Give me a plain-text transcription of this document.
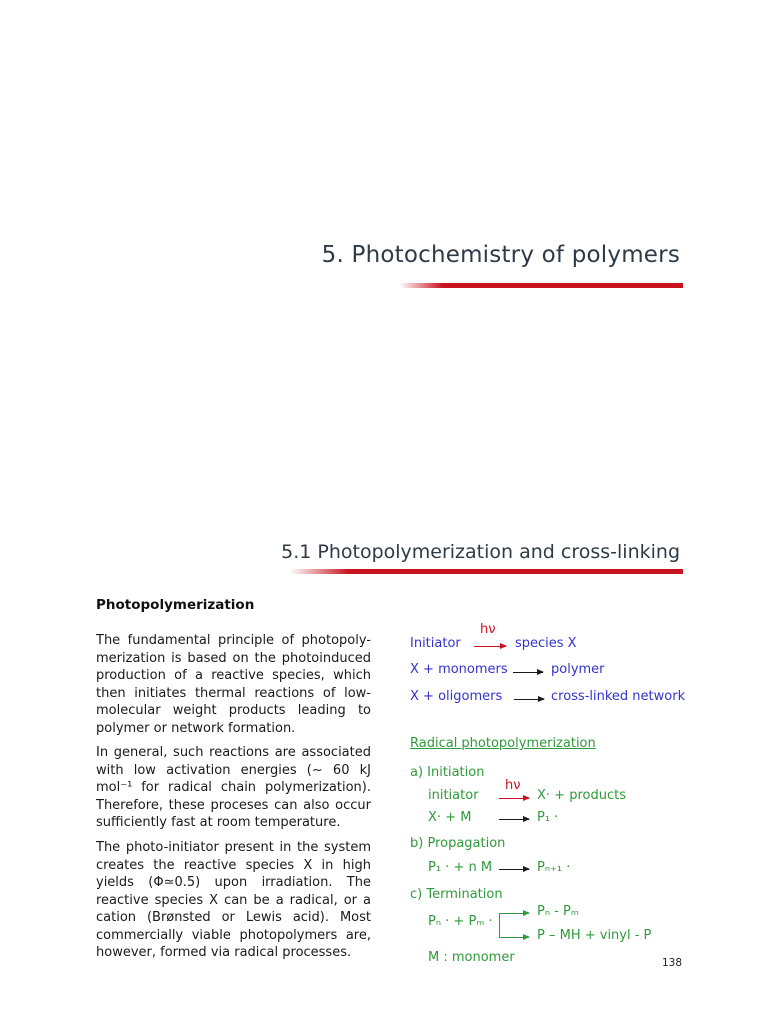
5. Photochemistry of polymers
5.1 Photopolymerization and cross-linking
Photopolymerization

The fundamental principle of photopoly-merization is based on the photoinduced production of a reactive species, which then initiates thermal reactions of low-molecular weight products leading to polymer or network formation.

In general, such reactions are associated with low activation energies (~ 60 kJ mol⁻¹ for radical chain polymerization). Therefore, these proceses can also occur sufficiently fast at room temperature.

The photo-initiator present in the system creates the reactive species X in high yields (Φ≃0.5) upon irradiation. The reactive species X can be a radical, or a cation (Brønsted or Lewis acid). Most commercially viable photopolymers are, however, formed via radical processes.

hν
Initiator	species X
X + monomers	polymer
X + oligomers	cross-linked network
Radical photopolymerization
a) Initiation
hν
initiator	X· + products
X· + M	P₁ ·
b) Propagation
P₁ · + n M	Pₙ₊₁ ·
c) Termination
Pₙ · + Pₘ ·
Pₙ - Pₘ
P – MH + vinyl - P
M : monomer	138
